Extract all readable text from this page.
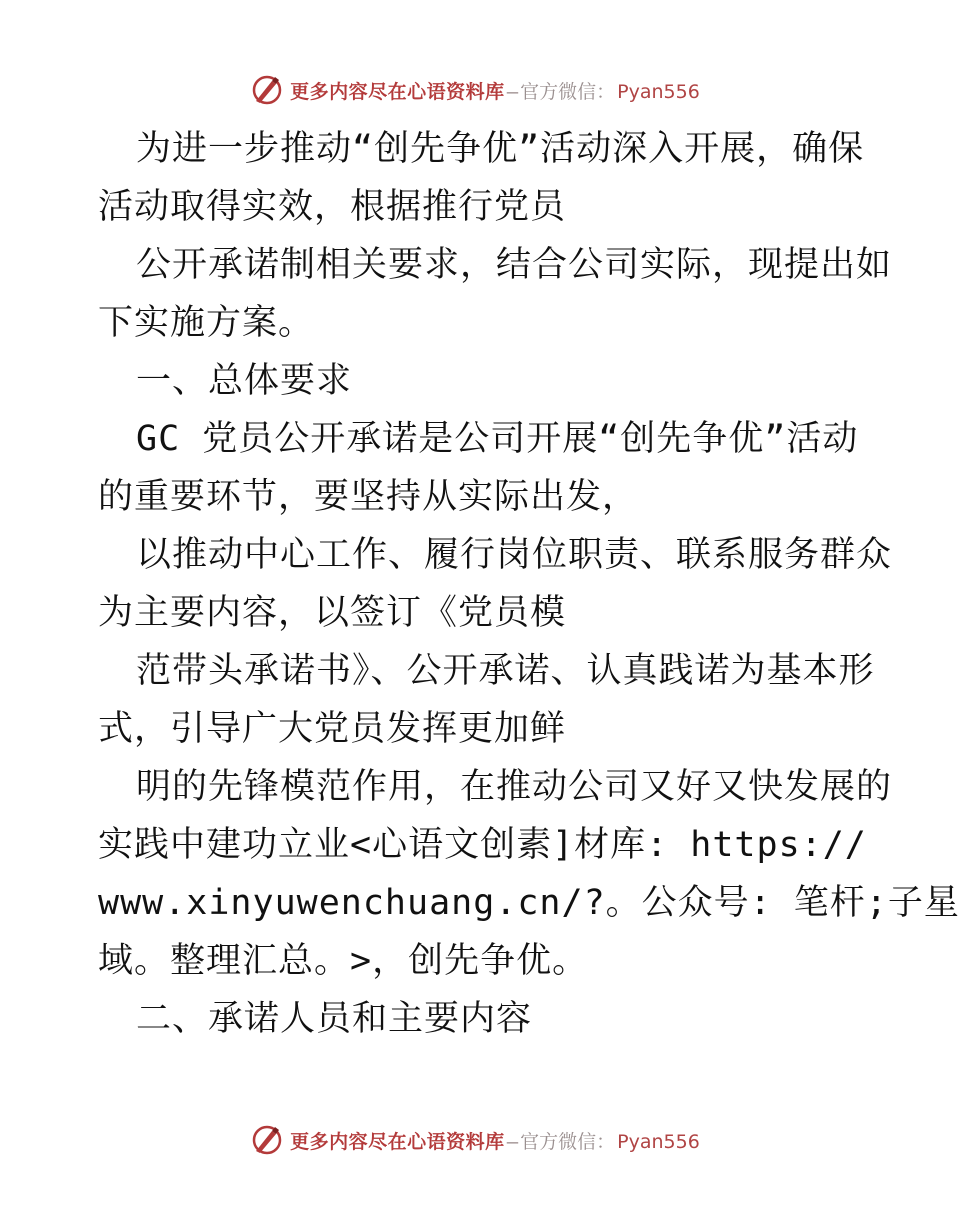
更多内容尽在心语资料库 — 官方微信： Pyan556
为进一步推动“创先争优”活动深入开展，确保
活动取得实效，根据推行党员
公开承诺制相关要求，结合公司实际，现提出如
下实施方案。
一、总体要求
GC 党员公开承诺是公司开展“创先争优”活动
的重要环节，要坚持从实际出发，
以推动中心工作、履行岗位职责、联系服务群众
为主要内容，以签订《党员模
范带头承诺书》、公开承诺、认真践诺为基本形
式，引导广大党员发挥更加鲜
明的先锋模范作用，在推动公司又好又快发展的
实践中建功立业<心语文创素]材库: https://
www.xinyuwenchuang.cn/?。公众号: 笔杆;子星
域。整理汇总。>，创先争优。
二、承诺人员和主要内容
更多内容尽在心语资料库 — 官方微信： Pyan556
